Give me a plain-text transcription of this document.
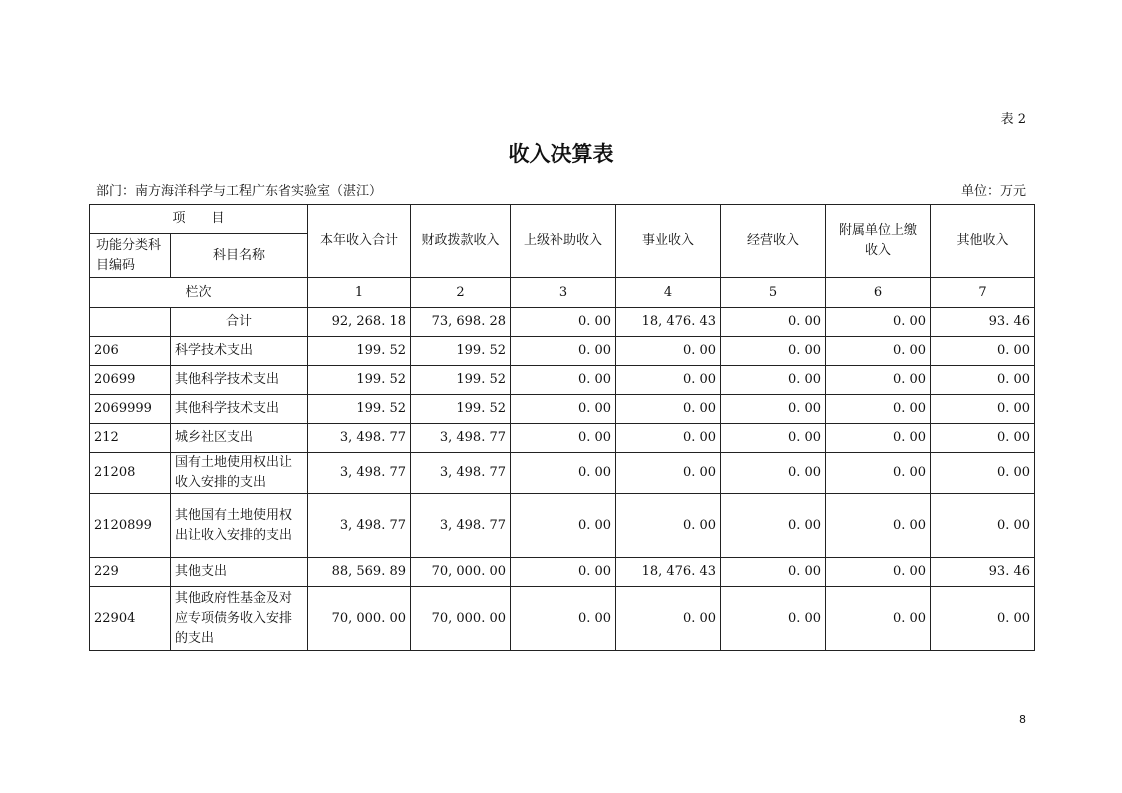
表 2
收入决算表
部门：南方海洋科学与工程广东省实验室（湛江）	单位：万元
项　　目		本年收入合计	财政拨款收入	上级补助收入	事业收入	经营收入	附属单位上缴收入	其他收入
功能分类科目编码	科目名称							
栏次		1	2	3	4	5	6	7
	合计	92, 268. 18	73, 698. 28	0. 00	18, 476. 43	0. 00	0. 00	93. 46
206	科学技术支出	199. 52	199. 52	0. 00	0. 00	0. 00	0. 00	0. 00
20699	其他科学技术支出	199. 52	199. 52	0. 00	0. 00	0. 00	0. 00	0. 00
2069999	其他科学技术支出	199. 52	199. 52	0. 00	0. 00	0. 00	0. 00	0. 00
212	城乡社区支出	3, 498. 77	3, 498. 77	0. 00	0. 00	0. 00	0. 00	0. 00
21208	国有土地使用权出让收入安排的支出	3, 498. 77	3, 498. 77	0. 00	0. 00	0. 00	0. 00	0. 00
2120899	其他国有土地使用权出让收入安排的支出	3, 498. 77	3, 498. 77	0. 00	0. 00	0. 00	0. 00	0. 00
229	其他支出	88, 569. 89	70, 000. 00	0. 00	18, 476. 43	0. 00	0. 00	93. 46
22904	其他政府性基金及对应专项债务收入安排的支出	70, 000. 00	70, 000. 00	0. 00	0. 00	0. 00	0. 00	0. 00
8
